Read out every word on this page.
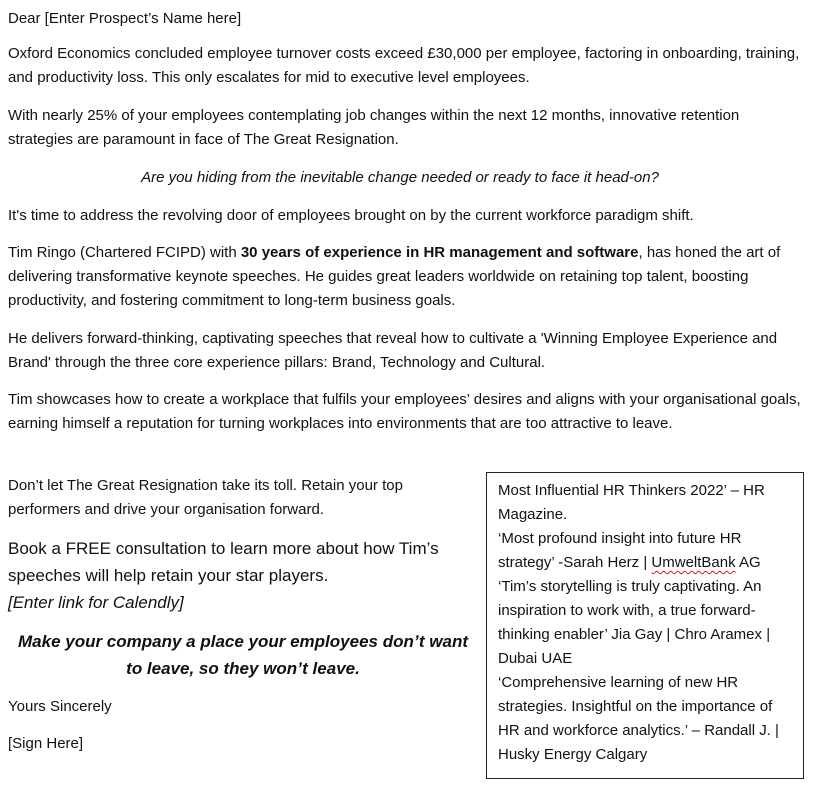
Dear [Enter Prospect’s Name here]

Oxford Economics concluded employee turnover costs exceed £30,000 per employee, factoring in onboarding, training, and productivity loss. This only escalates for mid to executive level employees.

With nearly 25% of your employees contemplating job changes within the next 12 months, innovative retention strategies are paramount in face of The Great Resignation.

Are you hiding from the inevitable change needed or ready to face it head-on?

It's time to address the revolving door of employees brought on by the current workforce paradigm shift.

Tim Ringo (Chartered FCIPD) with 30 years of experience in HR management and software, has honed the art of delivering transformative keynote speeches. He guides great leaders worldwide on retaining top talent, boosting productivity, and fostering commitment to long-term business goals.

He delivers forward-thinking, captivating speeches that reveal how to cultivate a 'Winning Employee Experience and Brand' through the three core experience pillars: Brand, Technology and Cultural.

Tim showcases how to create a workplace that fulfils your employees’ desires and aligns with your organisational goals, earning himself a reputation for turning workplaces into environments that are too attractive to leave.

Don’t let The Great Resignation take its toll. Retain your top performers and drive your organisation forward.

Book a FREE consultation to learn more about how Tim’s speeches will help retain your star players.

[Enter link for Calendly]

Make your company a place your employees don’t want to leave, so they won’t leave.

Yours Sincerely

[Sign Here]

Most Influential HR Thinkers 2022’ – HR Magazine.
‘Most profound insight into future HR strategy’ -Sarah Herz | UmweltBank AG
‘Tim’s storytelling is truly captivating. An inspiration to work with, a true forward-thinking enabler’ Jia Gay | Chro Aramex | Dubai UAE
‘Comprehensive learning of new HR strategies. Insightful on the importance of HR and workforce analytics.’ – Randall J. | Husky Energy Calgary
